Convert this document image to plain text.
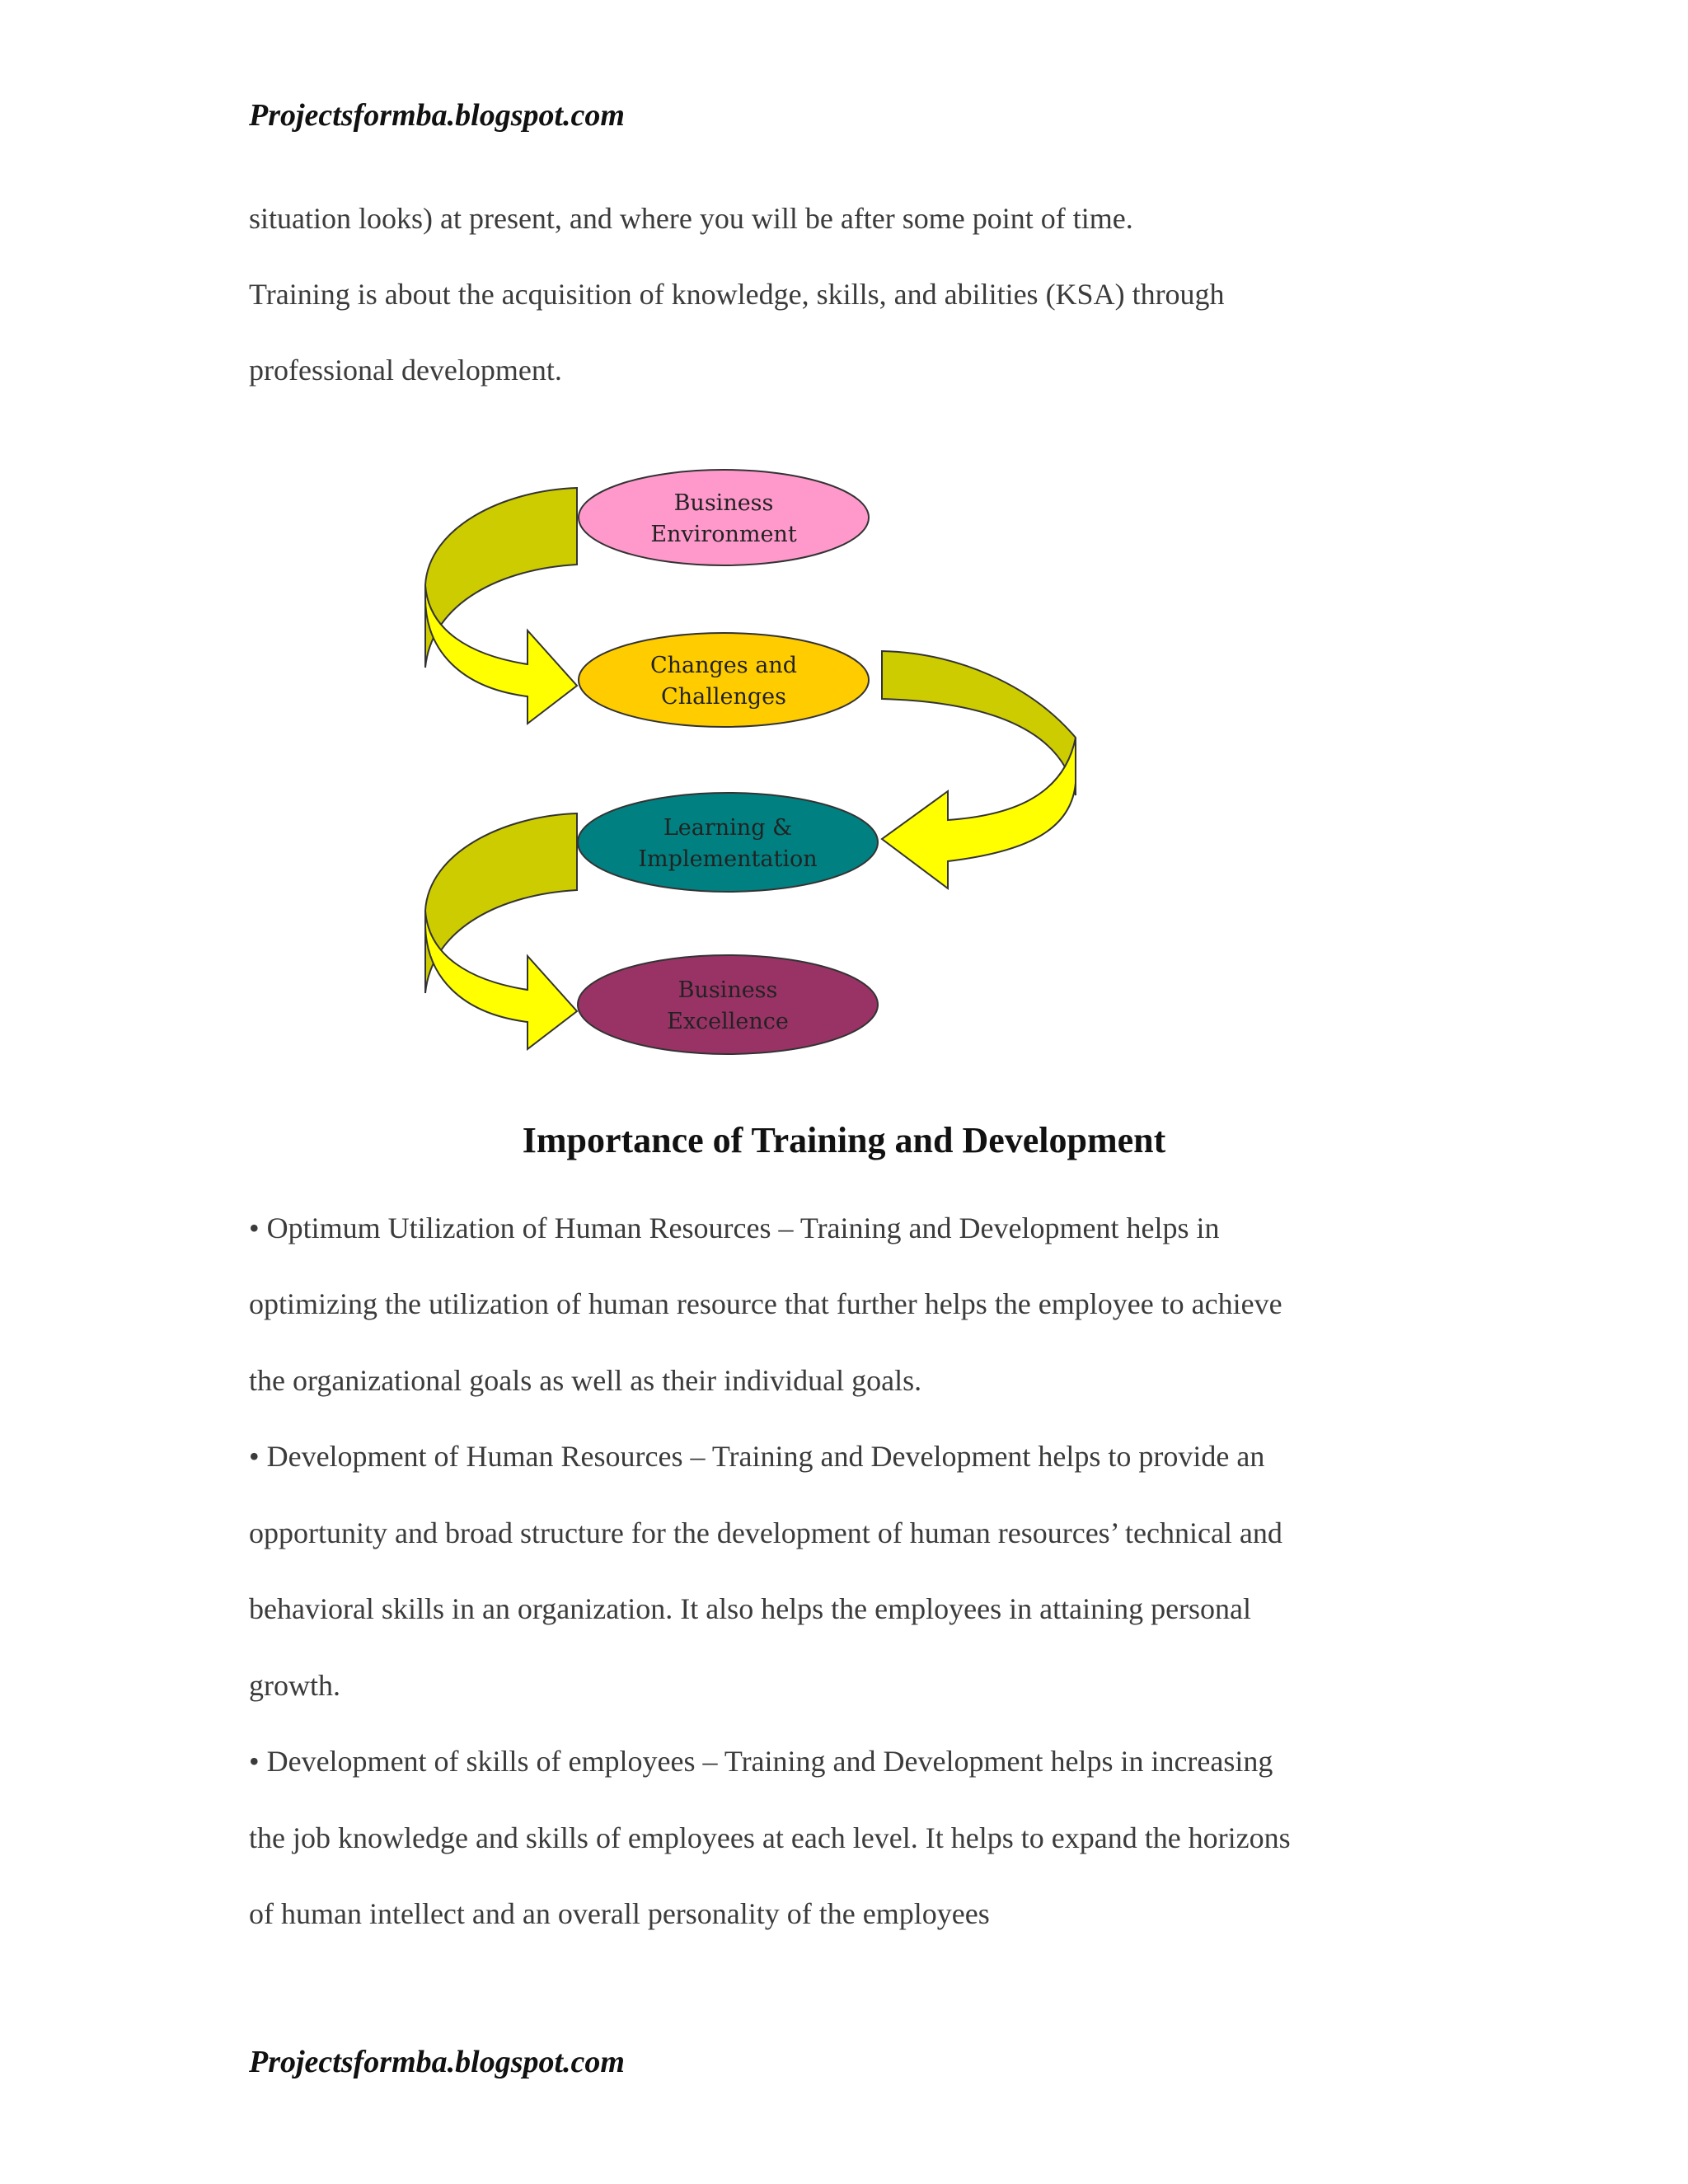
Projectsformba.blogspot.com
situation looks) at present, and where you will be after some point of time.
Training is about the acquisition of knowledge, skills, and abilities (KSA) through
professional development.
Business
Environment
Changes and
Challenges
Learning &
Implementation
Business
Excellence
Importance of Training and Development
• Optimum Utilization of Human Resources – Training and Development helps in
optimizing the utilization of human resource that further helps the employee to achieve
the organizational goals as well as their individual goals.
• Development of Human Resources – Training and Development helps to provide an
opportunity and broad structure for the development of human resources’ technical and
behavioral skills in an organization. It also helps the employees in attaining personal
growth.
• Development of skills of employees – Training and Development helps in increasing
the job knowledge and skills of employees at each level. It helps to expand the horizons
of human intellect and an overall personality of the employees
Projectsformba.blogspot.com
